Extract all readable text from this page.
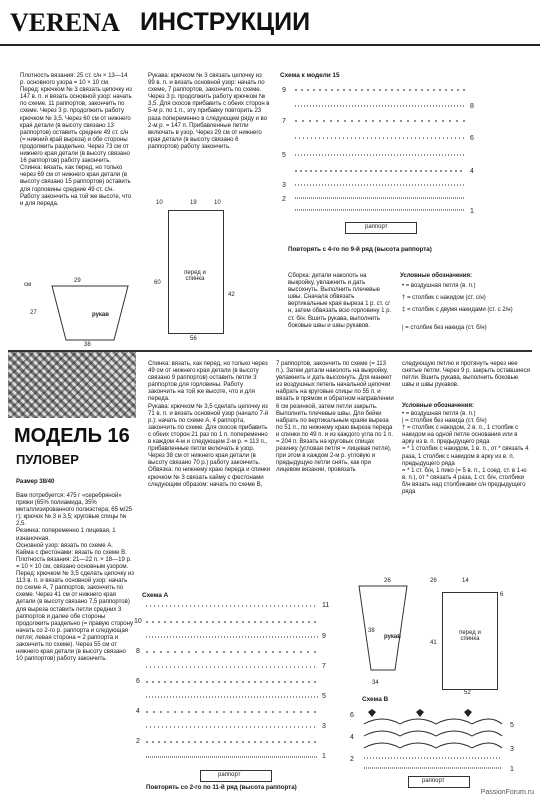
VERENA ИНСТРУКЦИИ
Плотность вязания: 25 ст. с/н × 13—14 р. основного узора = 10 × 10 см.
Перед: крючком № 3 связать цепочку из 147 в. п. и вязать основной узор: начать по схеме, 11 раппортов, закончить по схеме. Через 3 р. продолжить работу крючком № 3,5. Через 60 см от нижнего края детали (в высоту связано 13 раппортов) оставить средние 49 ст. с/н (= нижний край выреза) и обе стороны продолжить раздельно. Через 73 см от нижнего края детали (в высоту связано 16 раппортов) работу закончить.
Спинка: вязать, как перед, но только через 69 см от нижнего края детали (в высоту связано 15 раппортов) оставить для горловины средние 49 ст. с/н. Работу закончить на той же высоте, что и для переда.
Рукава: крючком № 3 связать цепочку из 99 в. п. и вязать основной узор: начать по схеме, 7 раппортов, закончить по схеме. Через 3 р. продолжить работу крючком № 3,5. Для скосов прибавить с обеих сторон в 5-м р. по 1 п., эту прибавку повторить 23 раза попеременно в следующем ряду и во 2-м р. = 147 п. Прибавленные петли включать в узор. Через 29 см от нижнего края детали (в высоту связано 6 раппортов) работу закончить.
Схема к модели 15
9
8
7
6
5
4
3
2
1
раппорт
Повторять с 4-го по 9-й ряд (высота раппорта)
10	19	10
60
42
перед и спинка
56
29
см
27	рукав
38
Сборка: детали наколоть на выкройку, увлажнить и дать высохнуть. Выполнить плечевые швы. Сначала обвязать вертикальные края выреза 1 р. ст. с/н, затем обвязать всю горловину 1 р. ст. б/н. Вшить рукава, выполнить боковые швы и швы рукавов.
Условные обозначения:
• = воздушная петля (в. п.)
† = столбик с накидом (ст. с/н)
‡ = столбик с двумя накидами (ст. с 2/н)
| = столбик без накида (ст. б/н)
МОДЕЛЬ 16
ПУЛОВЕР
Размер 38/40
Вам потребуется: 475 г «серебряной» пряжи (65% полиамида, 35% металлизированного полиэстера; 65 м/25 г); крючок № 3 и 3,5; круговые спицы № 2,5.
Резинка: попеременно 1 лицевая, 1 изнаночная.
Основной узор: вязать по схеме А.
Кайма с фестонами: вязать по схеме В.
Плотность вязания: 21—22 п. × 18—19 р. = 10 × 10 см, связано основным узором.
Перед: крючком № 3,5 сделать цепочку из 113 в. п. и вязать основной узор: начать по схеме А, 7 раппортов, закончить по схеме. Через 41 см от нижнего края детали (в высоту связано 7,5 раппортов) для выреза оставить петли средних 3 раппортов и далее обе стороны продолжить раздельно (= правую сторону начать со 2-го р. раппорта и следующая петля; левая сторона = 2 раппорта и закончить по схеме). Через 55 см от нижнего края детали (в высоту связано 10 раппортов) работу закончить.
Спинка: вязать, как перед, но только через 49 см от нижнего края детали (в высоту связано 9 раппортов) оставить петли 3 раппортов для горловины. Работу закончить на той же высоте, что и для переда.
Рукава: крючком № 3,5 сделать цепочку из 71 в. п. и вязать основной узор (начало 7-й р.): начать по схеме А, 4 раппорта, закончить по схеме. Для скосов прибавить с обеих сторон 21 раз по 1 п. попеременно в каждом 4-м и следующем 2-м р. = 113 п., прибавленные петли включать в узор. Через 38 см от нижнего края детали (в высоту связано 70 р.) работу закончить.
Обвязка: по нижнему краю переда и спинки крючком № 3 связать кайму с фестонами следующим образом: начать по схеме В,
7 раппортов, закончить по схеме (= 113 п.). Затем детали наколоть на выкройку, увлажнить и дать высохнуть. Для манжет из воздушных петель начальной цепочки набрать на круговые спицы по 55 п. и вязать в прямом и обратном направлении 6 см резинкой, затем петли закрыть. Выполнить плечевые швы. Для бейки набрать по вертикальным краям выреза по 51 п., по нижнему краю выреза переда и спинки по 49 п. и из каждого угла по 1 п. = 204 п. Вязать на круговых спицах резинку (угловая петля = лицевая петля), при этом в каждом 2-м р. угловую и предыдущую петли снять, как при лицевом вязании, провязать
следующую петлю и протянуть через нее снятые петли. Через 9 р. закрыть оставшиеся петли. Вшить рукава, выполнить боковые швы и швы рукавов.
Условные обозначения:
• = воздушная петля (в. п.)
| = столбик без накида (ст. б/н)
† = столбик с накидом, 2 в. п., 1 столбик с накидом на одной петле основания или в арку из в. п. предыдущего ряда
= * 1 столбик с накидом, 1 в. п., от * связать 4 раза, 1 столбик с накидом в арку из в. п. предыдущего ряда
= * 1 ст. б/н, 1 пико (= 5 в. п., 1 соед. ст. в 1-ю в. п.), от * связать 4 раза, 1 ст. б/н, столбики б/н вязать над столбиками с/н предыдущего ряда
Схема А
11
10
9
8
7
6
5
4
3
2
1
раппорт
Повторять со 2-го по 11-й ряд (высота раппорта)
26
38
рукав
34
26	14
6
41
перед и спинка
52
Схема В
6
5
4
3
2
1
раппорт
PassionForum.ru
